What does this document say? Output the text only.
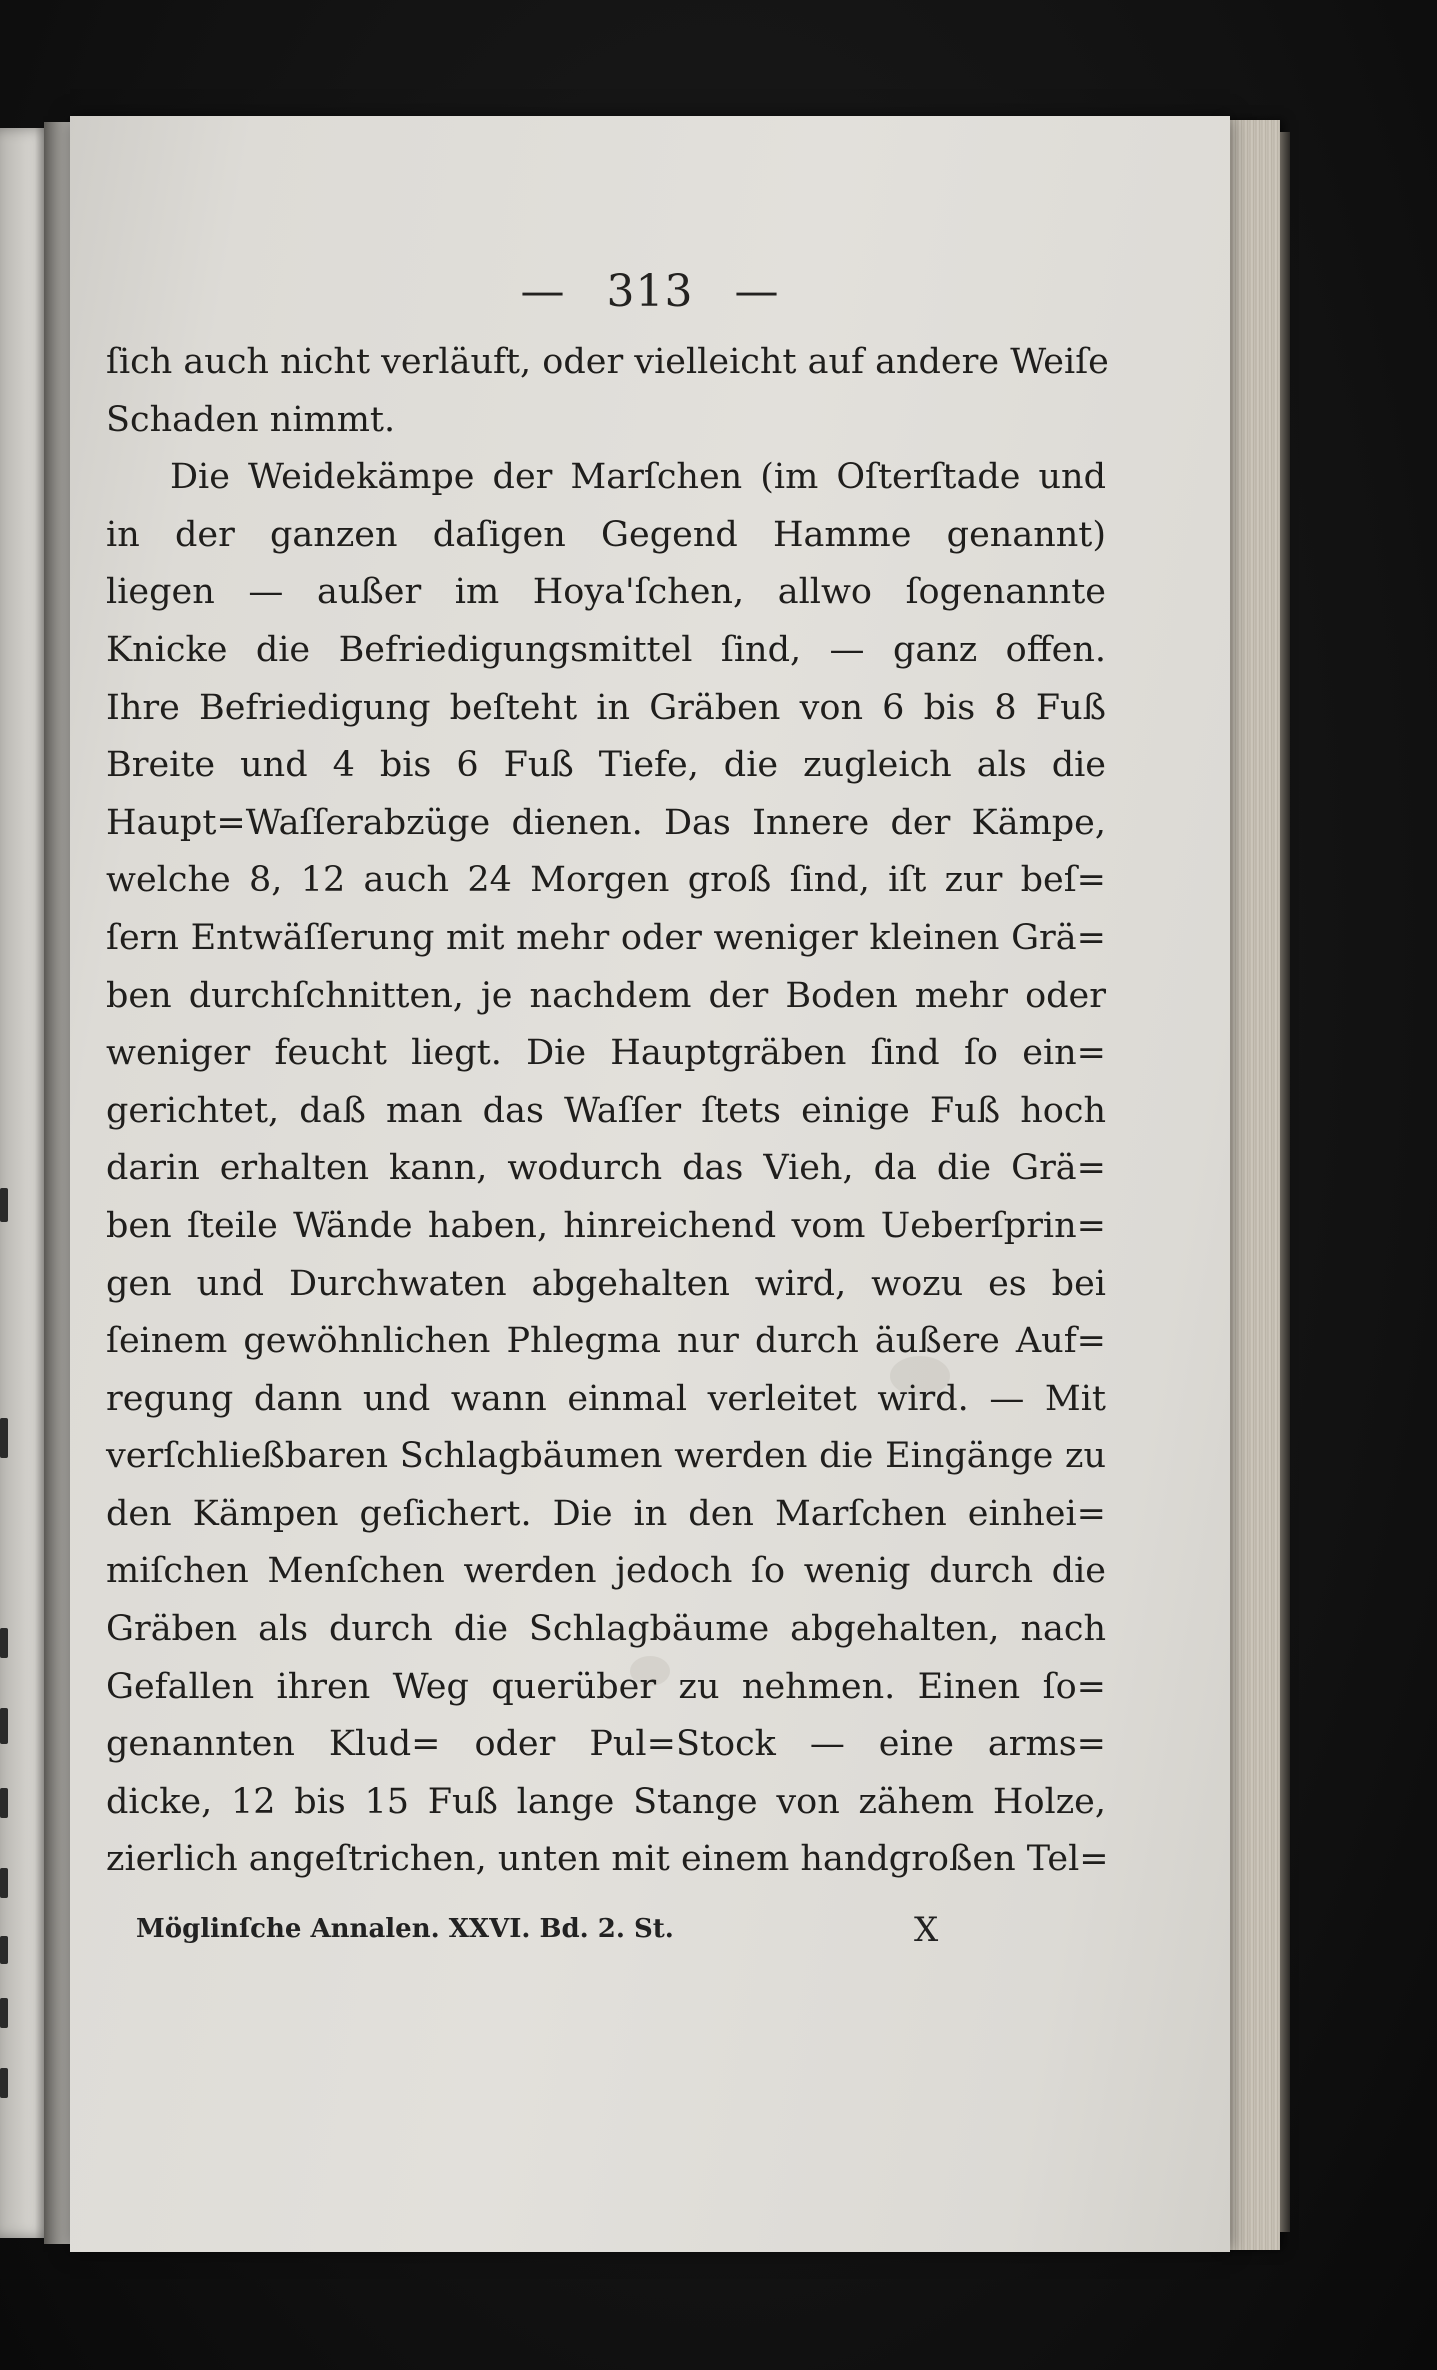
— 313 —
ſich auch nicht verläuft, oder vielleicht auf andere Weiſe
Schaden nimmt.
Die Weidekämpe der Marſchen (im Oſterſtade und
in der ganzen daſigen Gegend Hamme genannt)
liegen — außer im Hoya'ſchen, allwo ſogenannte
Knicke die Befriedigungsmittel ſind, — ganz offen.
Ihre Befriedigung beſteht in Gräben von 6 bis 8 Fuß
Breite und 4 bis 6 Fuß Tiefe, die zugleich als die
Haupt=Waſſerabzüge dienen. Das Innere der Kämpe,
welche 8, 12 auch 24 Morgen groß ſind, iſt zur beſ=
ſern Entwäſſerung mit mehr oder weniger kleinen Grä=
ben durchſchnitten, je nachdem der Boden mehr oder
weniger feucht liegt. Die Hauptgräben ſind ſo ein=
gerichtet, daß man das Waſſer ſtets einige Fuß hoch
darin erhalten kann, wodurch das Vieh, da die Grä=
ben ſteile Wände haben, hinreichend vom Ueberſprin=
gen und Durchwaten abgehalten wird, wozu es bei
ſeinem gewöhnlichen Phlegma nur durch äußere Auf=
regung dann und wann einmal verleitet wird. — Mit
verſchließbaren Schlagbäumen werden die Eingänge zu
den Kämpen geſichert. Die in den Marſchen einhei=
miſchen Menſchen werden jedoch ſo wenig durch die
Gräben als durch die Schlagbäume abgehalten, nach
Gefallen ihren Weg querüber zu nehmen. Einen ſo=
genannten Klud= oder Pul=Stock — eine arms=
dicke, 12 bis 15 Fuß lange Stange von zähem Holze,
zierlich angeſtrichen, unten mit einem handgroßen Tel=
Möglinſche Annalen. XXVI. Bd. 2. St.	X
